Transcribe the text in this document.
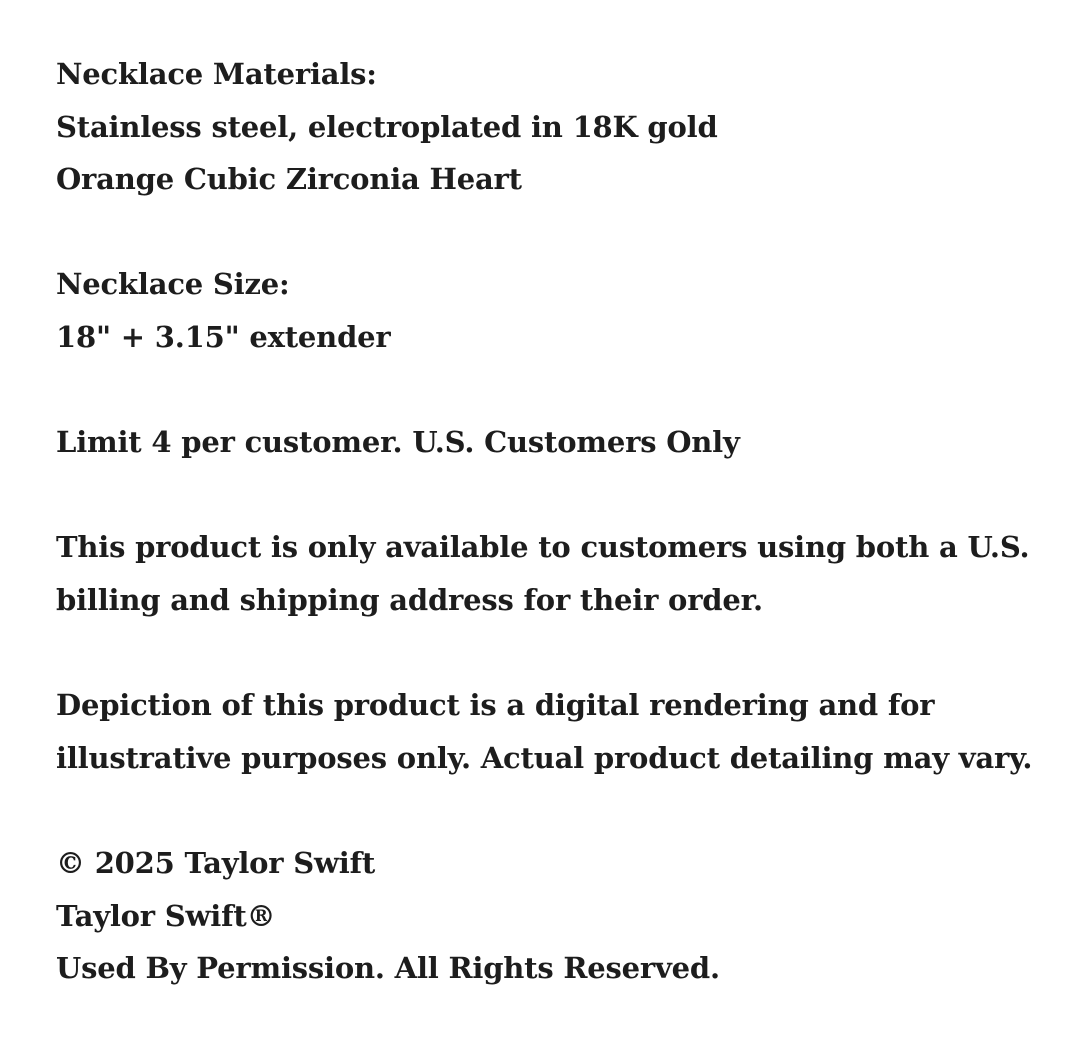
Necklace Materials:
Stainless steel, electroplated in 18K gold
Orange Cubic Zirconia Heart
Necklace Size:
18" + 3.15" extender
Limit 4 per customer. U.S. Customers Only
This product is only available to customers using both a U.S.
billing and shipping address for their order.
Depiction of this product is a digital rendering and for
illustrative purposes only. Actual product detailing may vary.
© 2025 Taylor Swift
Taylor Swift®
Used By Permission. All Rights Reserved.
